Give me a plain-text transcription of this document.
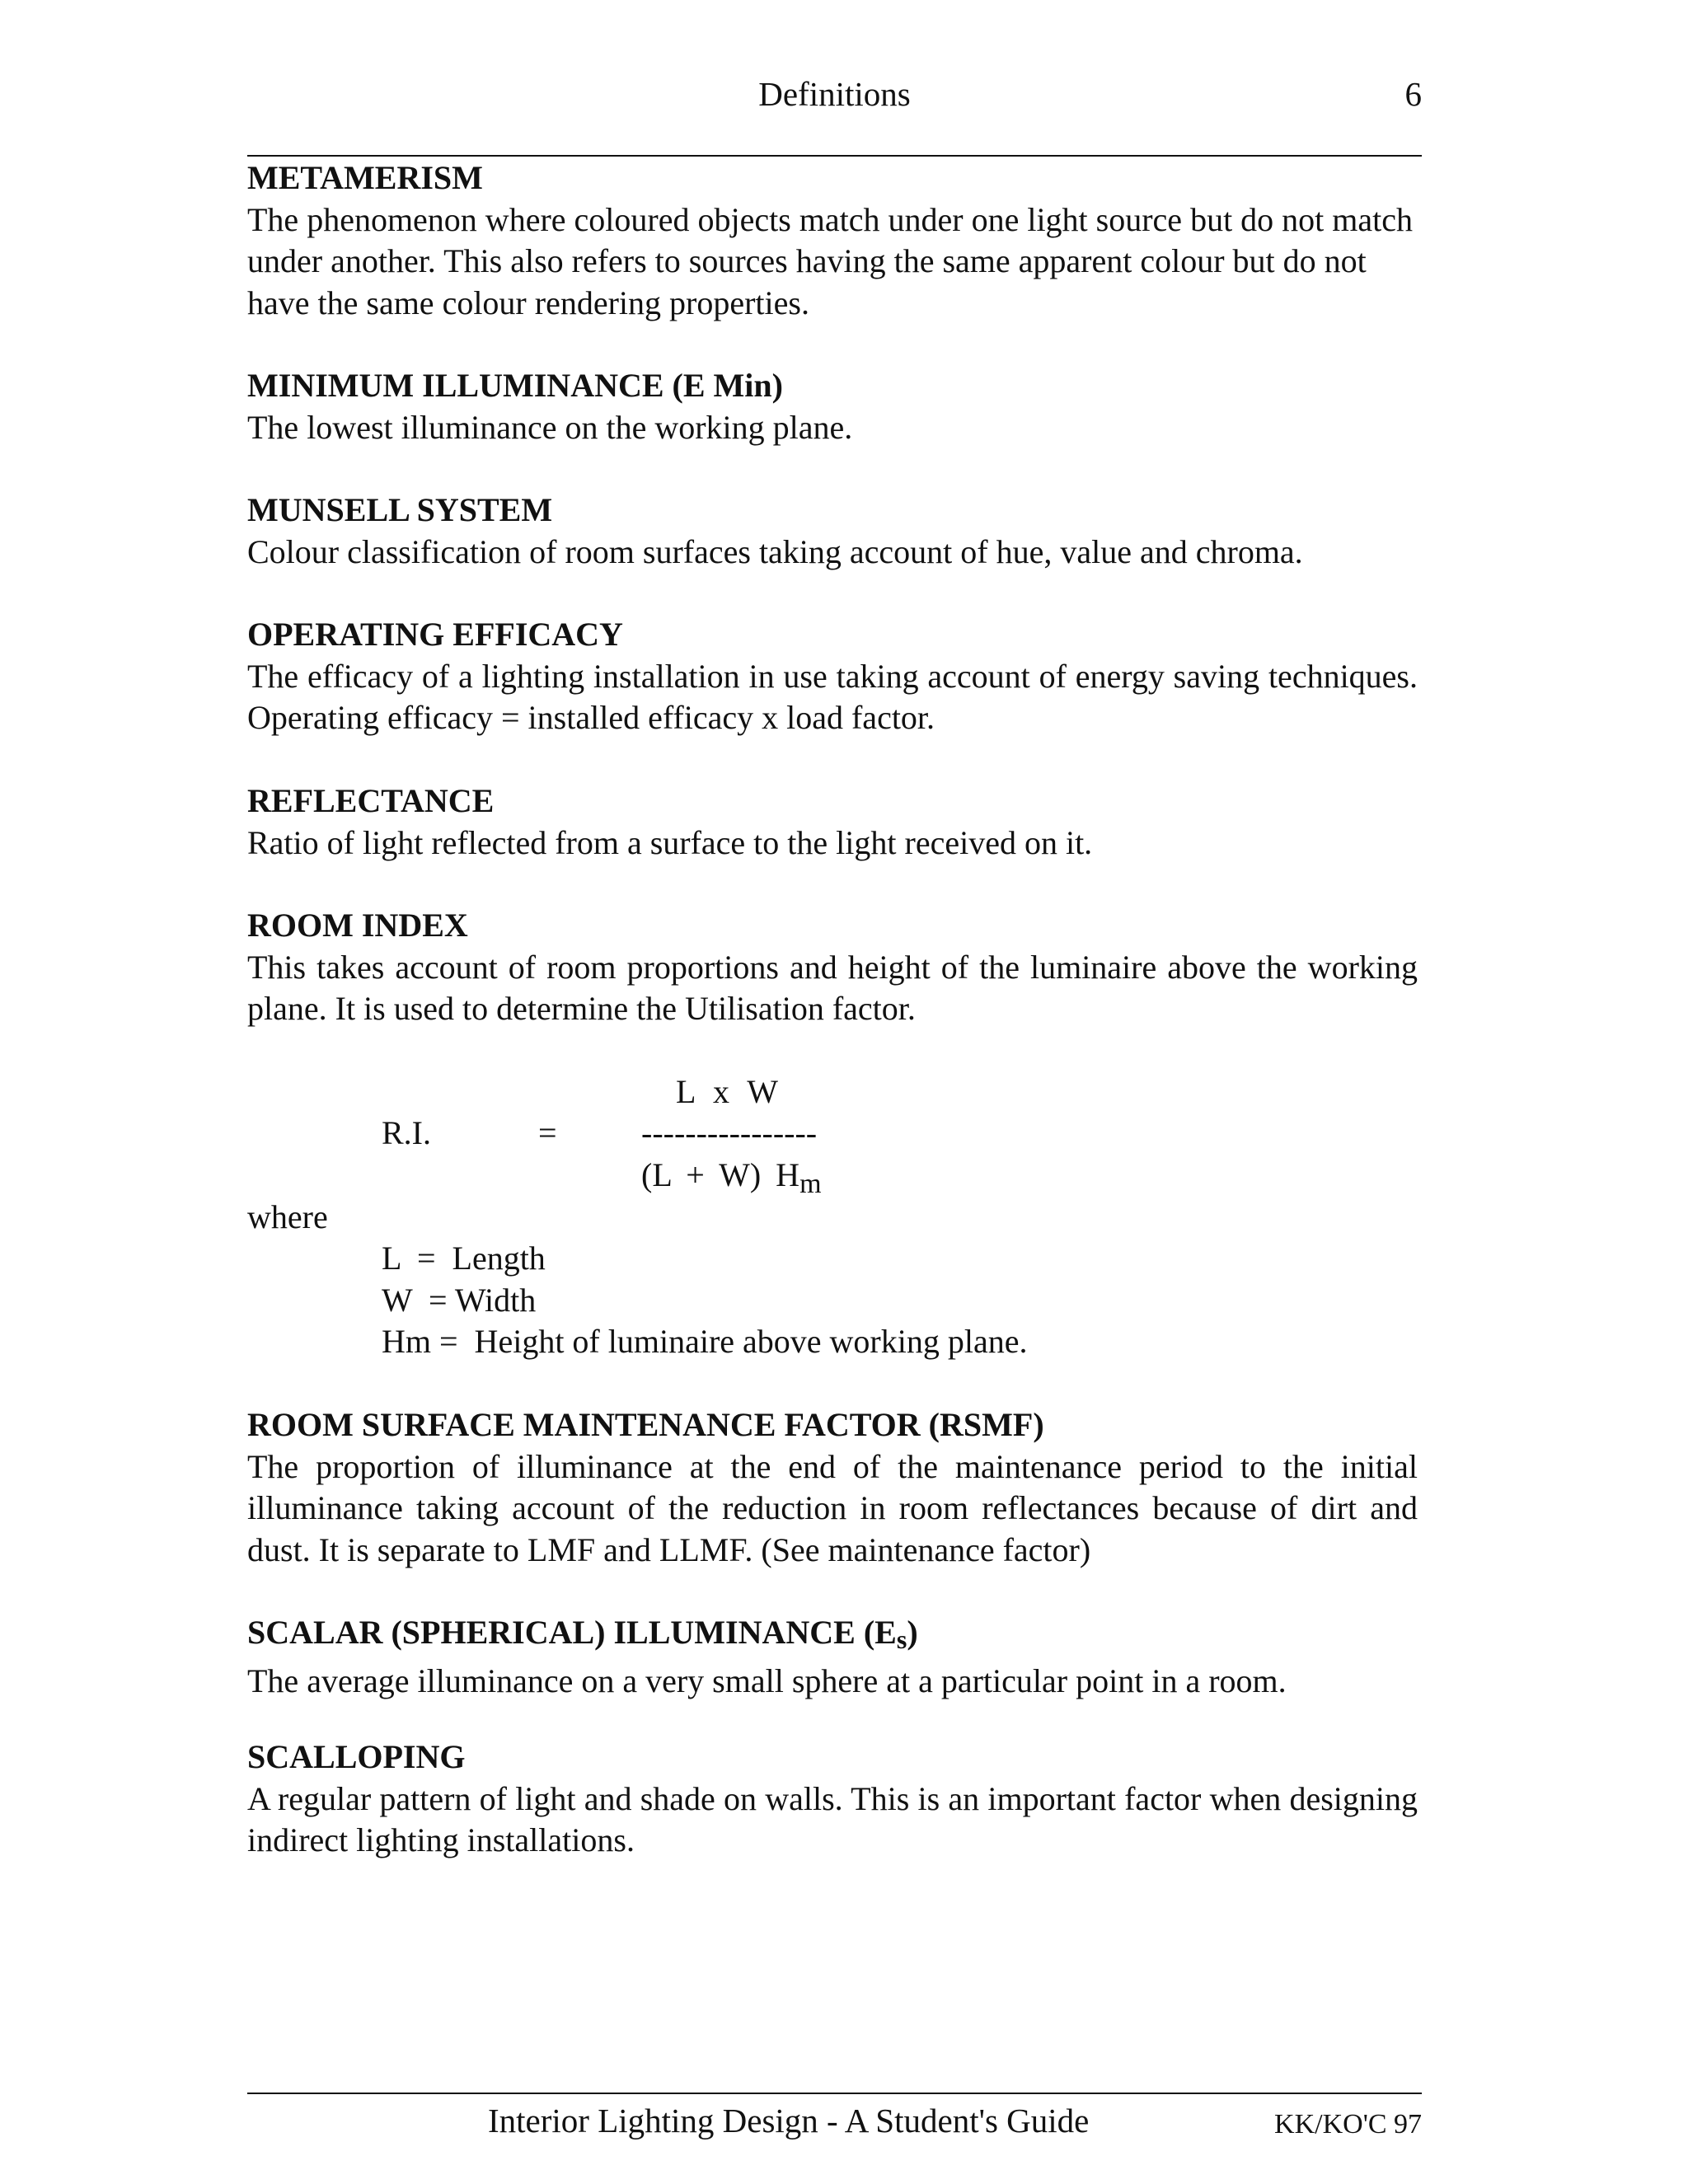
Definitions	6
METAMERISM
The phenomenon where coloured objects match under one light source but do not match under another. This also refers to sources having the same apparent colour but do not have the same colour rendering properties.
MINIMUM ILLUMINANCE (E Min)
The lowest illuminance on the working plane.
MUNSELL SYSTEM
Colour classification of room surfaces taking account of hue, value and chroma.
OPERATING EFFICACY
The efficacy of a lighting installation in use taking account of energy saving techniques. Operating efficacy = installed efficacy x load factor.
REFLECTANCE
Ratio of light reflected from a surface to the light received on it.
ROOM INDEX
This takes account of room proportions and height of the luminaire above the working plane. It is used to determine the Utilisation factor.
L x W
R.I.	=	----------------
(L + W) $H_m$
where
L  =  Length
W  = Width
Hm =  Height of luminaire above working plane.
ROOM SURFACE MAINTENANCE FACTOR (RSMF)
The proportion of illuminance at the end of the maintenance period to the initial illuminance taking account of the reduction in room reflectances because of dirt and dust. It is separate to LMF and LLMF. (See maintenance factor)
SCALAR (SPHERICAL) ILLUMINANCE $(E_s)$
The average illuminance on a very small sphere at a particular point in a room.
SCALLOPING
A regular pattern of light and shade on walls. This is an important factor when designing indirect lighting installations.
Interior Lighting Design - A Student's Guide	KK/KO'C 97
